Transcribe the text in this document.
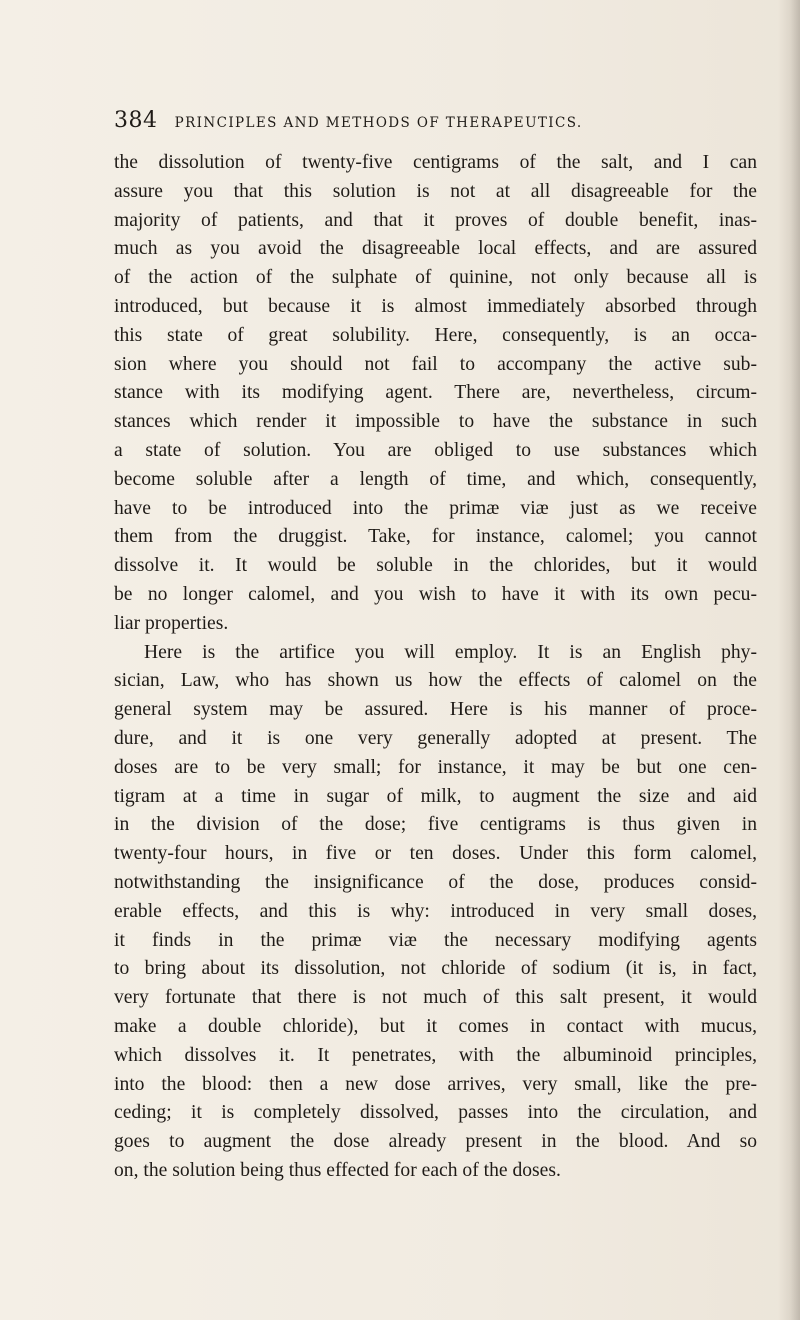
384 PRINCIPLES AND METHODS OF THERAPEUTICS.
the dissolution of twenty-five centigrams of the salt, and I can
assure you that this solution is not at all disagreeable for the
majority of patients, and that it proves of double benefit, inas-
much as you avoid the disagreeable local effects, and are assured
of the action of the sulphate of quinine, not only because all is
introduced, but because it is almost immediately absorbed through
this state of great solubility. Here, consequently, is an occa-
sion where you should not fail to accompany the active sub-
stance with its modifying agent. There are, nevertheless, circum-
stances which render it impossible to have the substance in such
a state of solution. You are obliged to use substances which
become soluble after a length of time, and which, consequently,
have to be introduced into the primæ viæ just as we receive
them from the druggist. Take, for instance, calomel; you cannot
dissolve it. It would be soluble in the chlorides, but it would
be no longer calomel, and you wish to have it with its own pecu-
liar properties.
Here is the artifice you will employ. It is an English phy-
sician, Law, who has shown us how the effects of calomel on the
general system may be assured. Here is his manner of proce-
dure, and it is one very generally adopted at present. The
doses are to be very small; for instance, it may be but one cen-
tigram at a time in sugar of milk, to augment the size and aid
in the division of the dose; five centigrams is thus given in
twenty-four hours, in five or ten doses. Under this form calomel,
notwithstanding the insignificance of the dose, produces consid-
erable effects, and this is why: introduced in very small doses,
it finds in the primæ viæ the necessary modifying agents
to bring about its dissolution, not chloride of sodium (it is, in fact,
very fortunate that there is not much of this salt present, it would
make a double chloride), but it comes in contact with mucus,
which dissolves it. It penetrates, with the albuminoid principles,
into the blood: then a new dose arrives, very small, like the pre-
ceding; it is completely dissolved, passes into the circulation, and
goes to augment the dose already present in the blood. And so
on, the solution being thus effected for each of the doses.
